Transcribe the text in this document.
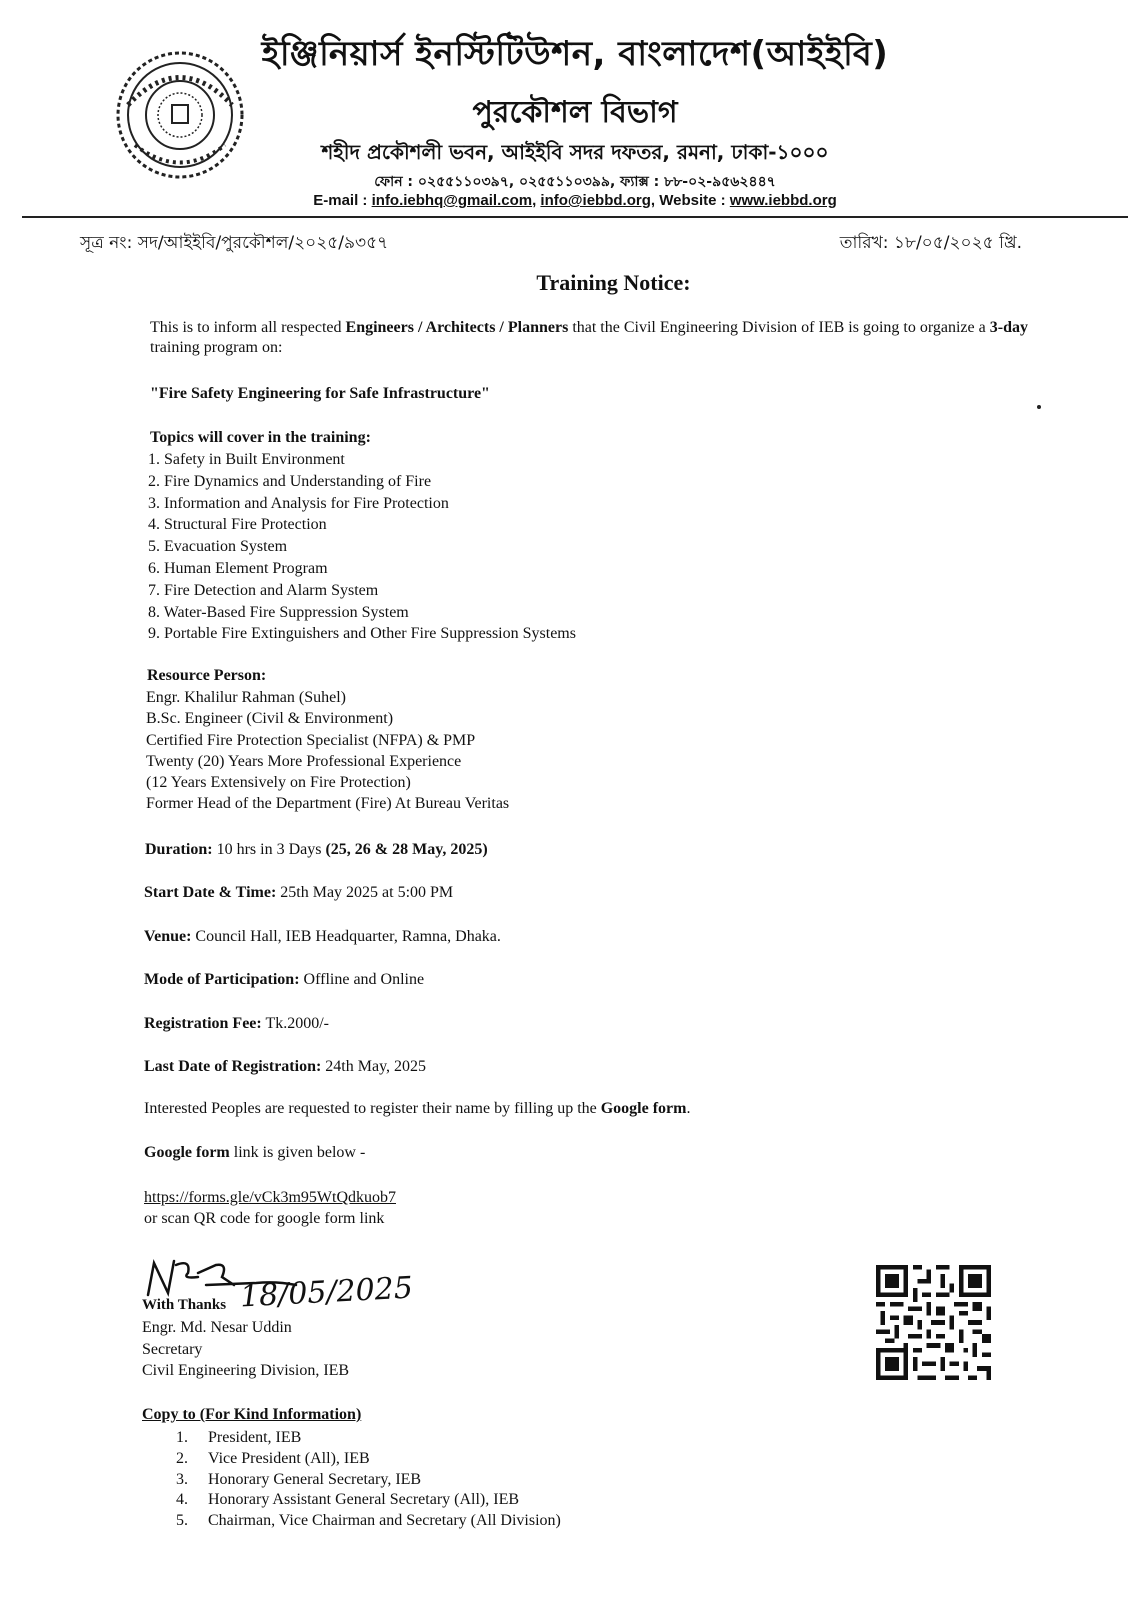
ইঞ্জিনিয়ার্স ইনস্টিটিউশন, বাংলাদেশ(আইইবি)
পুরকৌশল বিভাগ
শহীদ প্রকৌশলী ভবন, আইইবি সদর দফতর, রমনা, ঢাকা-১০০০
ফোন : ০২৫৫১১০৩৯৭, ০২৫৫১১০৩৯৯, ফ্যাক্স : ৮৮-০২-৯৫৬২৪৪৭
E-mail : info.iebhq@gmail.com, info@iebbd.org, Website : www.iebbd.org
সূত্র নং: সদ/আইইবি/পুরকৌশল/২০২৫/৯৩৫৭	তারিখ: ১৮/০৫/২০২৫ খ্রি.
Training Notice:
This is to inform all respected Engineers / Architects / Planners that the Civil Engineering Division of IEB is going to organize a 3-day training program on:
"Fire Safety Engineering for Safe Infrastructure"
Topics will cover in the training:
1. Safety in Built Environment
2. Fire Dynamics and Understanding of Fire
3. Information and Analysis for Fire Protection
4. Structural Fire Protection
5. Evacuation System
6. Human Element Program
7. Fire Detection and Alarm System
8. Water-Based Fire Suppression System
9. Portable Fire Extinguishers and Other Fire Suppression Systems
Resource Person:
Engr. Khalilur Rahman (Suhel)
B.Sc. Engineer (Civil & Environment)
Certified Fire Protection Specialist (NFPA) & PMP
Twenty (20) Years More Professional Experience
(12 Years Extensively on Fire Protection)
Former Head of the Department (Fire) At Bureau Veritas
Duration: 10 hrs in 3 Days (25, 26 & 28 May, 2025)
Start Date & Time: 25th May 2025 at 5:00 PM
Venue: Council Hall, IEB Headquarter, Ramna, Dhaka.
Mode of Participation: Offline and Online
Registration Fee: Tk.2000/-
Last Date of Registration: 24th May, 2025
Interested Peoples are requested to register their name by filling up the Google form.
Google form link is given below -
https://forms.gle/vCk3m95WtQdkuob7
or scan QR code for google form link
18/05/2025
With Thanks
Engr. Md. Nesar Uddin
Secretary
Civil Engineering Division, IEB
Copy to (For Kind Information)
1. President, IEB
2. Vice President (All), IEB
3. Honorary General Secretary, IEB
4. Honorary Assistant General Secretary (All), IEB
5. Chairman, Vice Chairman and Secretary (All Division)
